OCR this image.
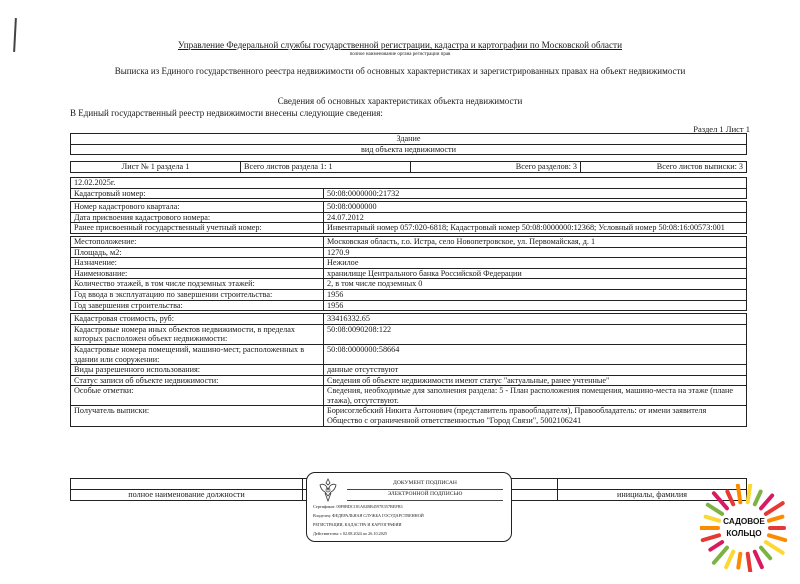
Управление Федеральной службы государственной регистрации, кадастра и картографии по Московской области
полное наименование органа регистрации прав
Выписка из Единого государственного реестра недвижимости об основных характеристиках и зарегистрированных правах на объект недвижимости
Сведения об основных характеристиках объекта недвижимости
В Единый государственный реестр недвижимости внесены следующие сведения:
Раздел 1 Лист 1
Здание
вид объекта недвижимости
Лист № 1 раздела 1	Всего листов раздела 1: 1	Всего разделов: 3	Всего листов выписки: 3
12.02.2025г.	
Кадастровый номер:	50:08:0000000:21732

Номер кадастрового квартала:	50:08:0000000
Дата присвоения кадастрового номера:	24.07.2012
Ранее присвоенный государственный учетный номер:	Инвентарный номер 057:020-6818; Кадастровый номер 50:08:0000000:12368; Условный номер 50:08:16:00573:001

Местоположение:	Московская область, г.о. Истра, село Новопетровское, ул. Первомайская, д. 1
Площадь, м2:	1270.9
Назначение:	Нежилое
Наименование:	хранилище Центрального банка Российской Федерации
Количество этажей, в том числе подземных этажей:	2, в том числе подземных 0
Год ввода в эксплуатацию по завершении строительства:	1956
Год завершения строительства:	1956

Кадастровая стоимость, руб:	33416332.65
Кадастровые номера иных объектов недвижимости, в пределах которых расположен объект недвижимости:	50:08:0090208:122
Кадастровые номера помещений, машино-мест, расположенных в здании или сооружении:	50:08:0000000:58664
Виды разрешенного использования:	данные отсутствуют
Статус записи об объекте недвижимости:	Сведения об объекте недвижимости имеют статус "актуальные, ранее учтенные"
Особые отметки:	Сведения, необходимые для заполнения раздела: 5 - План расположения помещения, машино-места на этаже (плане этажа), отсутствуют.
Получатель выписки:	Борисоглебский Никита Антонович (представитель правообладателя), Правообладатель: от имени заявителя Общество с ограниченной ответственностью "Город Связи", 5002106241

полное наименование должности		инициалы, фамилия
ДОКУМЕНТ ПОДПИСАН
ЭЛЕКТРОННОЙ ПОДПИСЬЮ
Сертификат: 00F8BDC181A02BB4597E357BEFB3
Владелец: ФЕДЕРАЛЬНАЯ СЛУЖБА ГОСУДАРСТВЕННОЙ
РЕГИСТРАЦИИ, КАДАСТРА И КАРТОГРАФИИ
Действителен: с 02.08.2024 по 26.10.2025
САДОВОЕ
КОЛЬЦО
